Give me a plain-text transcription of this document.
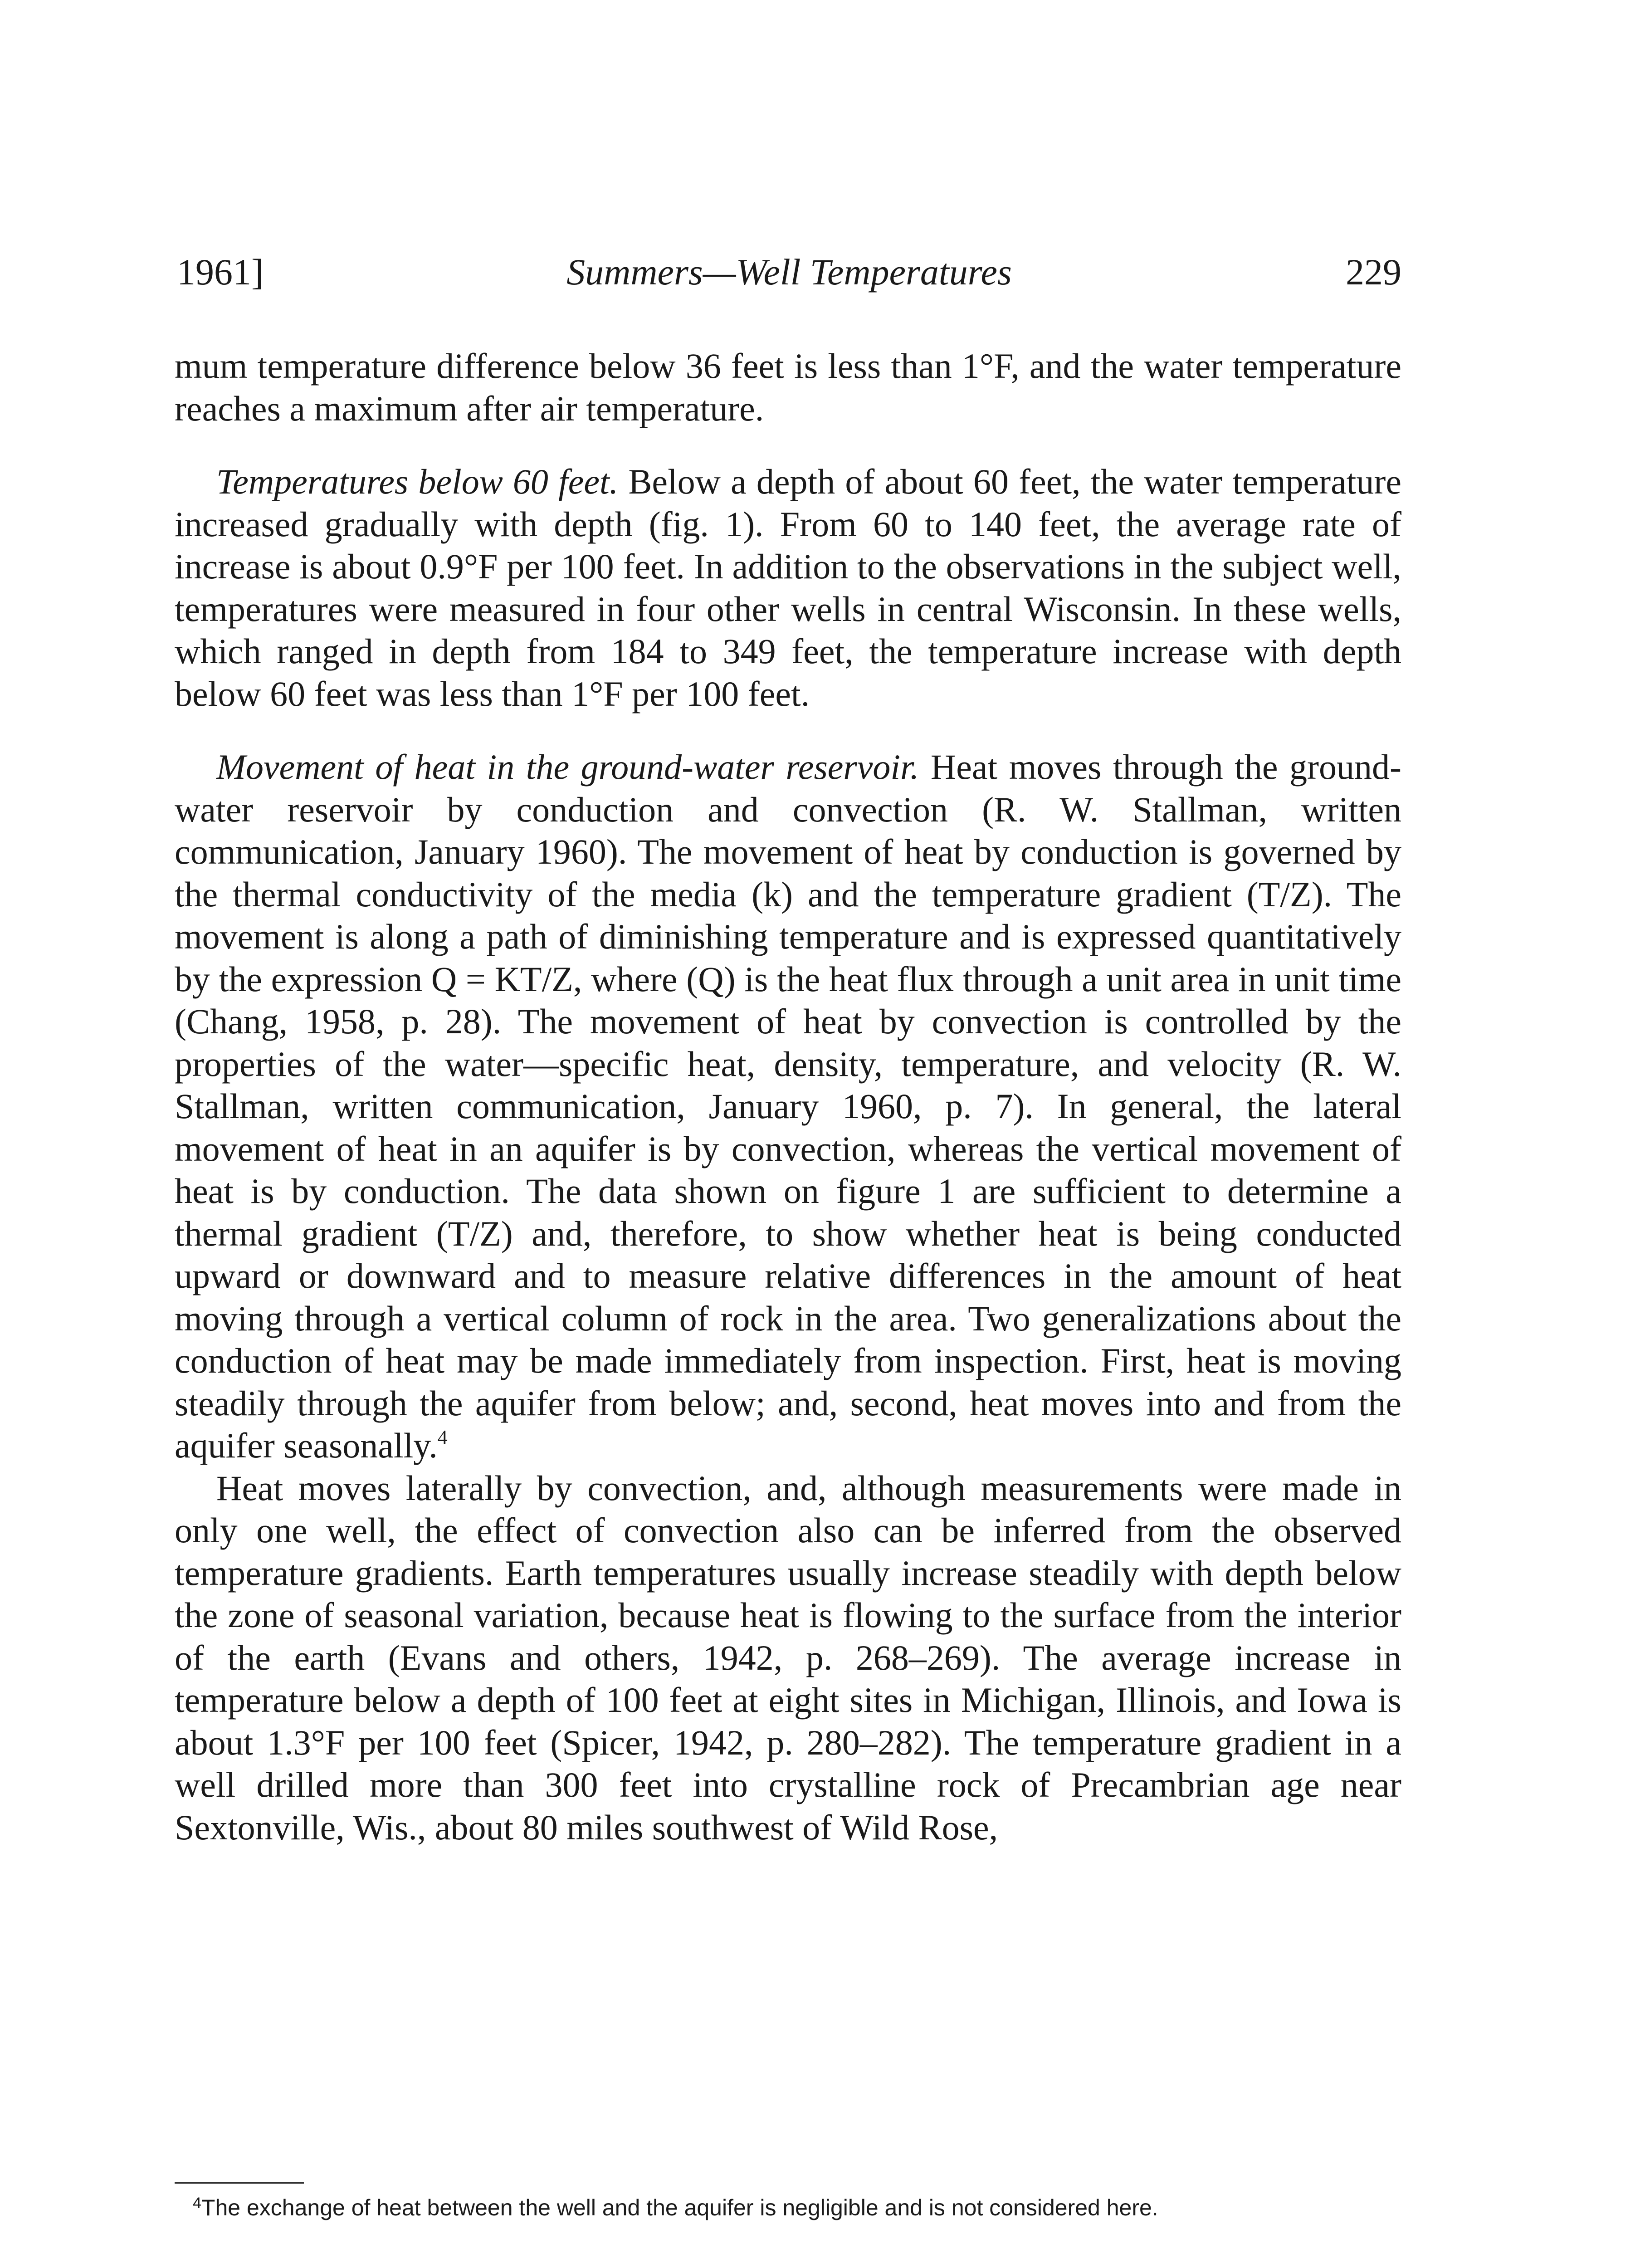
1961]	Summers—Well Temperatures	229

mum temperature difference below 36 feet is less than 1°F, and the water temperature reaches a maximum after air temperature.

Temperatures below 60 feet. Below a depth of about 60 feet, the water temperature increased gradually with depth (fig. 1). From 60 to 140 feet, the average rate of increase is about 0.9°F per 100 feet. In addition to the observations in the subject well, temperatures were measured in four other wells in central Wisconsin. In these wells, which ranged in depth from 184 to 349 feet, the temperature increase with depth below 60 feet was less than 1°F per 100 feet.

Movement of heat in the ground-water reservoir. Heat moves through the ground-water reservoir by conduction and convection (R. W. Stallman, written communication, January 1960). The movement of heat by conduction is governed by the thermal conductivity of the media (k) and the temperature gradient (T/Z). The movement is along a path of diminishing temperature and is expressed quantitatively by the expression Q = KT/Z, where (Q) is the heat flux through a unit area in unit time (Chang, 1958, p. 28). The movement of heat by convection is controlled by the properties of the water—specific heat, density, temperature, and velocity (R. W. Stallman, written communication, January 1960, p. 7). In general, the lateral movement of heat in an aquifer is by convection, whereas the vertical movement of heat is by conduction. The data shown on figure 1 are sufficient to determine a thermal gradient (T/Z) and, therefore, to show whether heat is being conducted upward or downward and to measure relative differences in the amount of heat moving through a vertical column of rock in the area. Two generalizations about the conduction of heat may be made immediately from inspection. First, heat is moving steadily through the aquifer from below; and, second, heat moves into and from the aquifer seasonally.$^4$

Heat moves laterally by convection, and, although measurements were made in only one well, the effect of convection also can be inferred from the observed temperature gradients. Earth temperatures usually increase steadily with depth below the zone of seasonal variation, because heat is flowing to the surface from the interior of the earth (Evans and others, 1942, p. 268–269). The average increase in temperature below a depth of 100 feet at eight sites in Michigan, Illinois, and Iowa is about 1.3°F per 100 feet (Spicer, 1942, p. 280–282). The temperature gradient in a well drilled more than 300 feet into crystalline rock of Precambrian age near Sextonville, Wis., about 80 miles southwest of Wild Rose,

$^4$The exchange of heat between the well and the aquifer is negligible and is not considered here.
